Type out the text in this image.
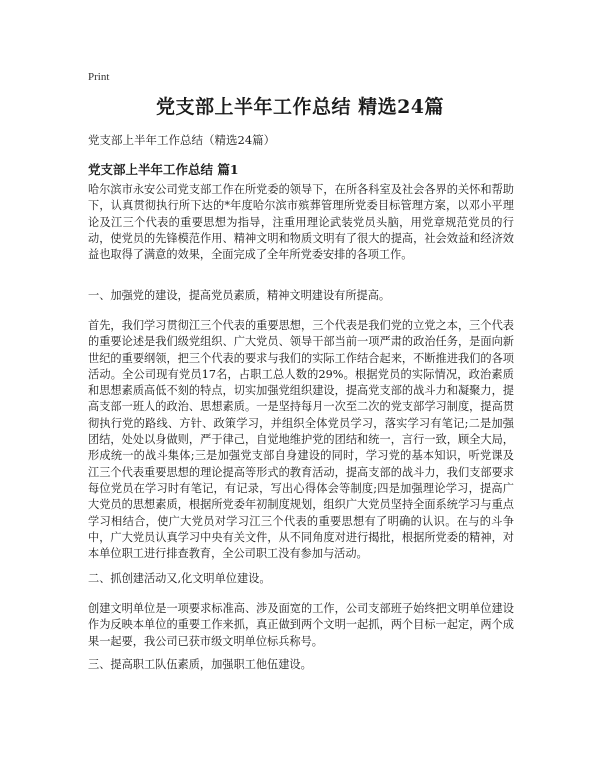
Print
党支部上半年工作总结 精选24篇
党支部上半年工作总结（精选24篇）
党支部上半年工作总结 篇1
哈尔滨市永安公司党支部工作在所党委的领导下，在所各科室及社会各界的关怀和帮助下，认真贯彻执行所下达的*年度哈尔滨市殡葬管理所党委目标管理方案，以邓小平理论及江三个代表的重要思想为指导，注重用理论武装党员头脑，用党章规范党员的行动，使党员的先锋模范作用、精神文明和物质文明有了很大的提高，社会效益和经济效益也取得了满意的效果，全面完成了全年所党委安排的各项工作。
一、加强党的建设，提高党员素质，精神文明建设有所提高。
首先，我们学习贯彻江三个代表的重要思想，三个代表是我们党的立党之本，三个代表的重要论述是我们级党组织、广大党员、领导干部当前一项严肃的政治任务，是面向新世纪的重要纲领，把三个代表的要求与我们的实际工作结合起来，不断推进我们的各项活动。全公司现有党员17名，占职工总人数的29%。根据党员的实际情况，政治素质和思想素质高低不刻的特点，切实加强党组织建设，提高党支部的战斗力和凝聚力，提高支部一班人的政治、思想素质。一是坚持每月一次至二次的党支部学习制度，提高贯彻执行党的路线、方针、政策学习，并组织全体党员学习，落实学习有笔记;二是加强团结，处处以身做则，严于律己，自觉地维护党的团结和统一，言行一致，顾全大局，形成统一的战斗集体;三是加强党支部自身建设的同时，学习党的基本知识，听党课及江三个代表重要思想的理论提高等形式的教育活动，提高支部的战斗力，我们支部要求每位党员在学习时有笔记，有记录，写出心得体会等制度;四是加强理论学习，提高广大党员的思想素质，根据所党委年初制度规划，组织广大党员坚持全面系统学习与重点学习相结合，使广大党员对学习江三个代表的重要思想有了明确的认识。在与的斗争中，广大党员认真学习中央有关文件，从不同角度对进行揭批，根据所党委的精神，对本单位职工进行排查教育，全公司职工没有参加与活动。
二、抓创建活动又,化文明单位建设。
创建文明单位是一项要求标准高、涉及面宽的工作，公司支部班子始终把文明单位建设作为反映本单位的重要工作来抓，真正做到两个文明一起抓，两个目标一起定，两个成果一起要，我公司已获市级文明单位标兵称号。
三、提高职工队伍素质，加强职工他伍建设。
